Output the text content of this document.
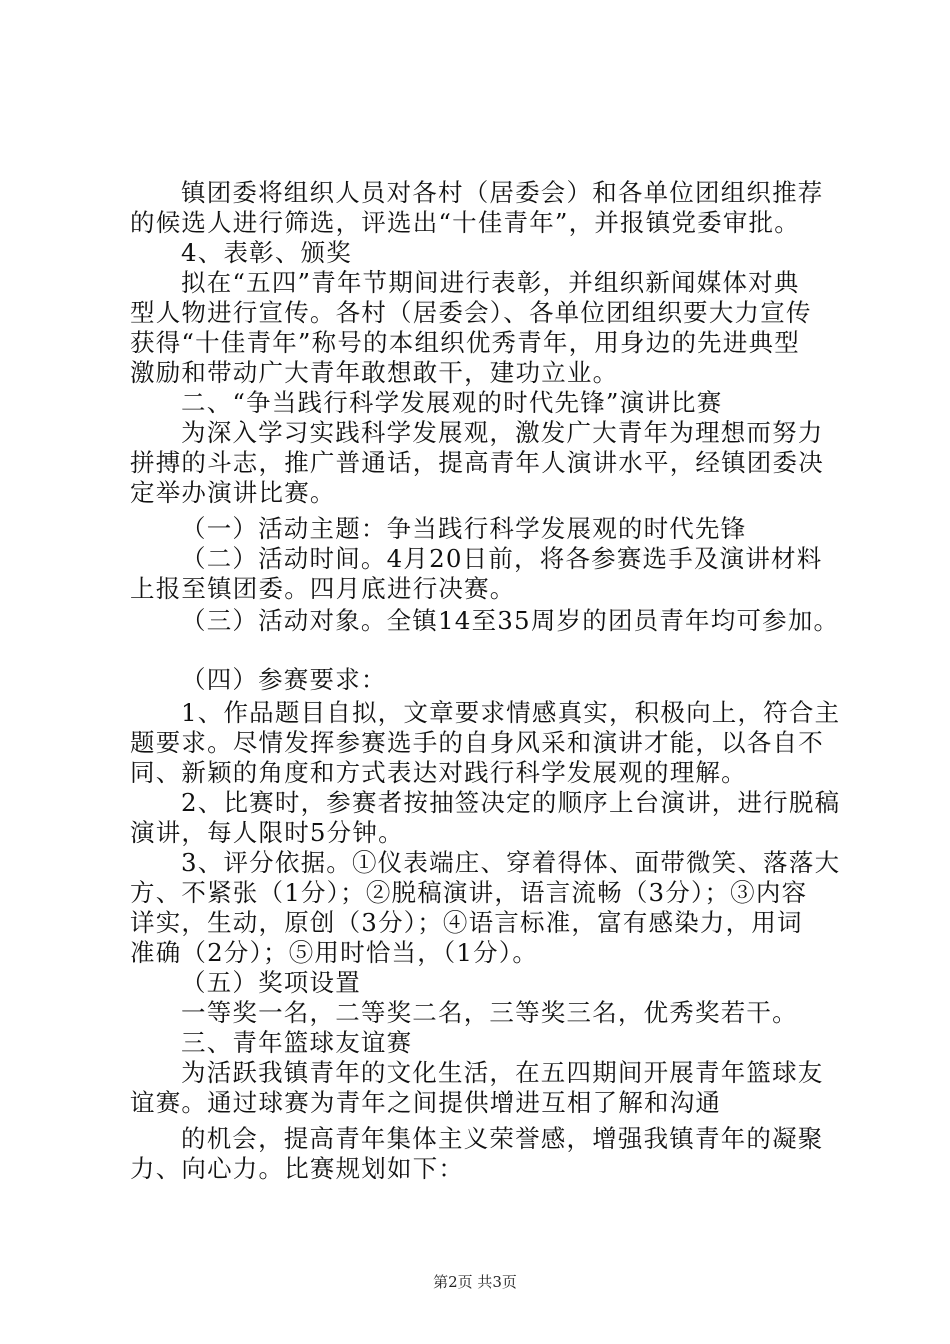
镇团委将组织人员对各村（居委会）和各单位团组织推荐
的候选人进行筛选，评选出“十佳青年”，并报镇党委审批。
4、表彰、颁奖
拟在“五四”青年节期间进行表彰，并组织新闻媒体对典
型人物进行宣传。各村（居委会）、各单位团组织要大力宣传
获得“十佳青年”称号的本组织优秀青年，用身边的先进典型
激励和带动广大青年敢想敢干，建功立业。
二、“争当践行科学发展观的时代先锋”演讲比赛
为深入学习实践科学发展观，激发广大青年为理想而努力
拼搏的斗志，推广普通话，提高青年人演讲水平，经镇团委决
定举办演讲比赛。
（一）活动主题：争当践行科学发展观的时代先锋
（二）活动时间。4月20日前，将各参赛选手及演讲材料
上报至镇团委。四月底进行决赛。
（三）活动对象。全镇14至35周岁的团员青年均可参加。
（四）参赛要求：
1、作品题目自拟，文章要求情感真实，积极向上，符合主
题要求。尽情发挥参赛选手的自身风采和演讲才能，以各自不
同、新颖的角度和方式表达对践行科学发展观的理解。
2、比赛时，参赛者按抽签决定的顺序上台演讲，进行脱稿
演讲，每人限时5分钟。
3、评分依据。①仪表端庄、穿着得体、面带微笑、落落大
方、不紧张（1分）；②脱稿演讲，语言流畅（3分）；③内容
详实，生动，原创（3分）；④语言标准，富有感染力，用词
准确（2分）；⑤用时恰当，（1分）。
（五）奖项设置
一等奖一名，二等奖二名，三等奖三名，优秀奖若干。
三、青年篮球友谊赛
为活跃我镇青年的文化生活，在五四期间开展青年篮球友
谊赛。通过球赛为青年之间提供增进互相了解和沟通
的机会，提高青年集体主义荣誉感，增强我镇青年的凝聚
力、向心力。比赛规划如下：
第2页 共3页
